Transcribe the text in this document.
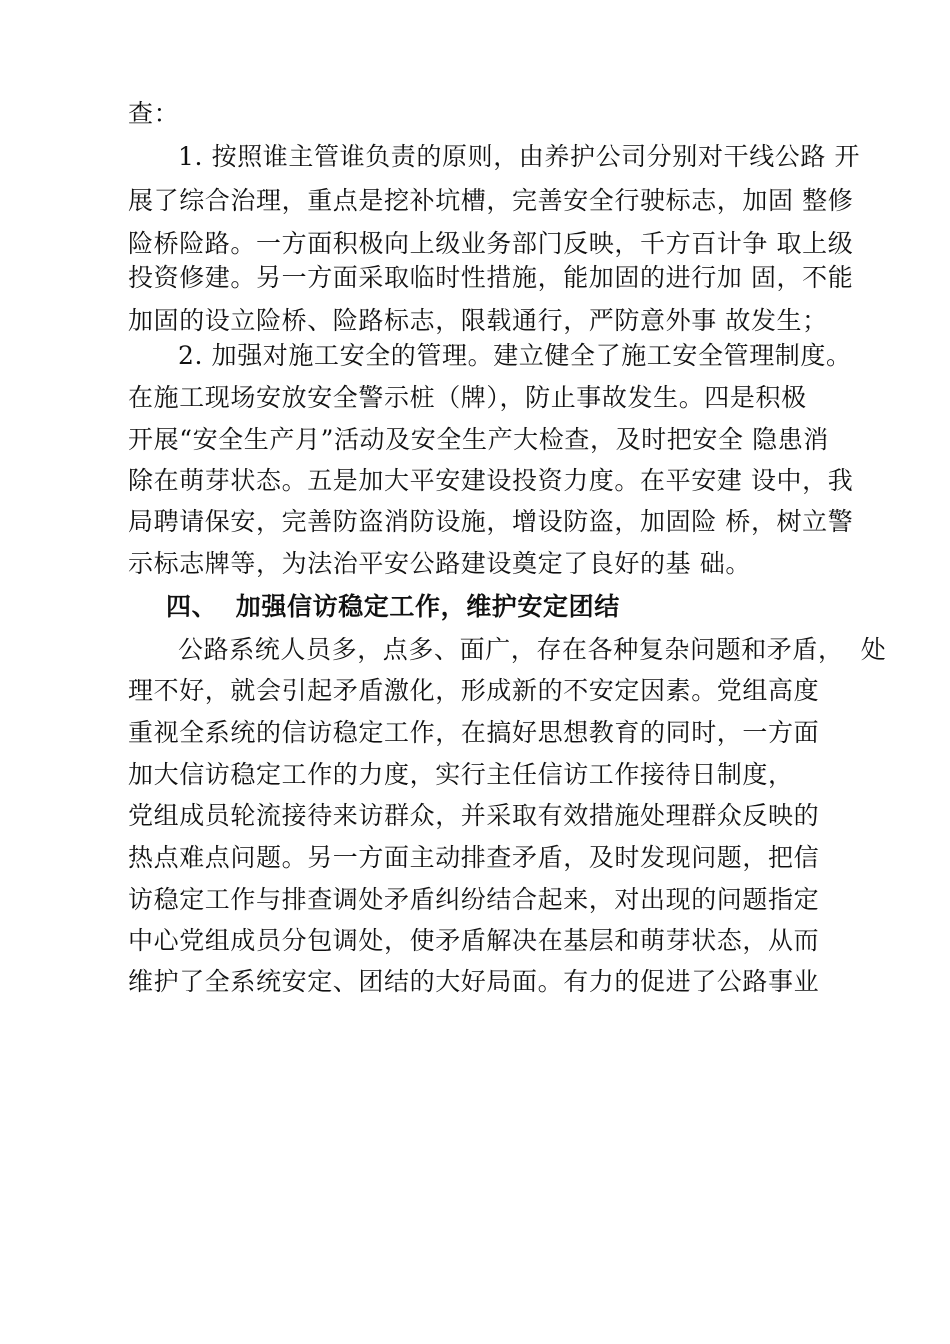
查：
1. 按照谁主管谁负责的原则，由养护公司分别对干线公路 开
展了综合治理，重点是挖补坑槽，完善安全行驶标志，加固 整修
险桥险路。一方面积极向上级业务部门反映，千方百计争 取上级
投资修建。另一方面采取临时性措施，能加固的进行加 固，不能
加固的设立险桥、险路标志，限载通行，严防意外事 故发生；
2. 加强对施工安全的管理。建立健全了施工安全管理制度。
在施工现场安放安全警示桩（牌），防止事故发生。四是积极
开展“安全生产月”活动及安全生产大检查，及时把安全 隐患消
除在萌芽状态。五是加大平安建设投资力度。在平安建 设中，我
局聘请保安，完善防盗消防设施，增设防盗，加固险 桥，树立警
示标志牌等，为法治平安公路建设奠定了良好的基 础。
四、  加强信访稳定工作，维护安定团结
公路系统人员多，点多、面广，存在各种复杂问题和矛盾，  处
理不好，就会引起矛盾激化，形成新的不安定因素。党组高度
重视全系统的信访稳定工作，在搞好思想教育的同时，一方面
加大信访稳定工作的力度，实行主任信访工作接待日制度，
党组成员轮流接待来访群众，并采取有效措施处理群众反映的
热点难点问题。另一方面主动排查矛盾，及时发现问题，把信
访稳定工作与排查调处矛盾纠纷结合起来，对出现的问题指定
中心党组成员分包调处，使矛盾解决在基层和萌芽状态，从而
维护了全系统安定、团结的大好局面。有力的促进了公路事业
